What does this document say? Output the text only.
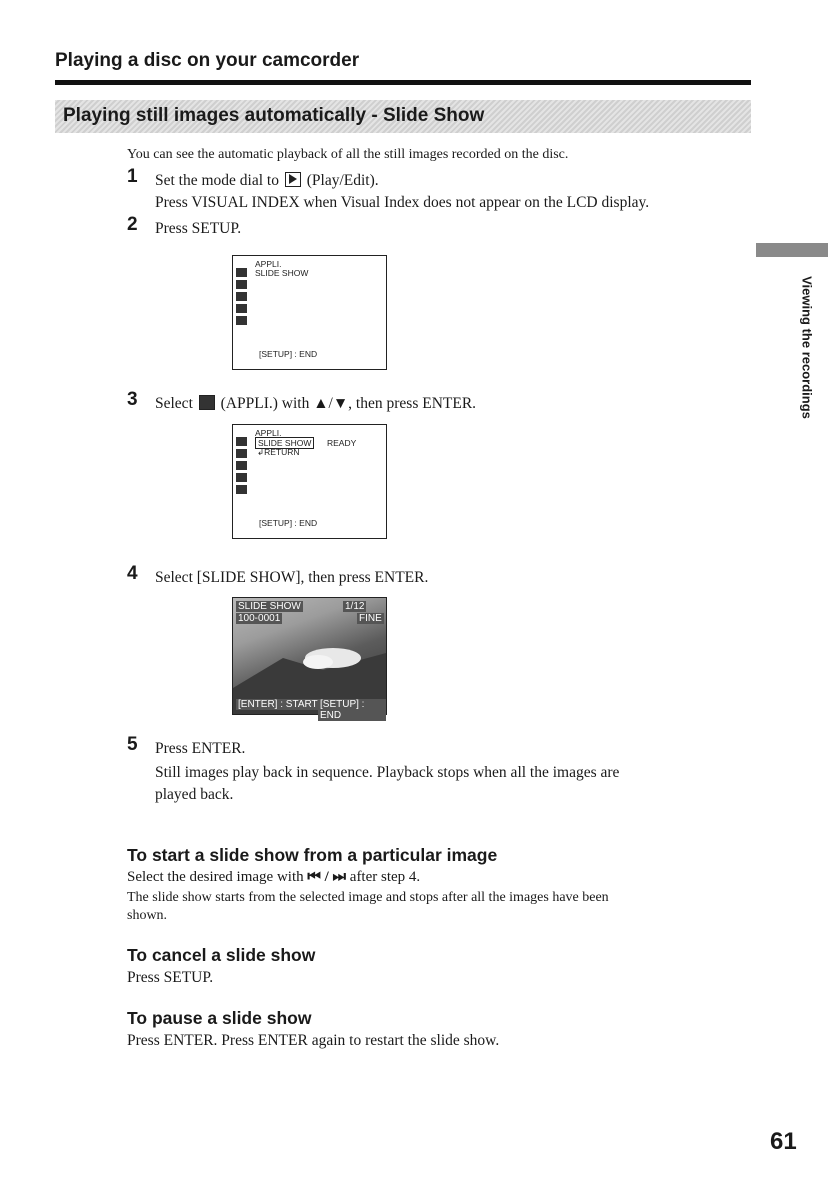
Playing a disc on your camcorder
Playing still images automatically - Slide Show
You can see the automatic playback of all the still images recorded on the disc.
1 Set the mode dial to (Play/Edit).
Press VISUAL INDEX when Visual Index does not appear on the LCD display.
2 Press SETUP.
APPLI.
SLIDE SHOW
[SETUP] : END
3 Select (APPLI.) with ▲/▼, then press ENTER.
APPLI.
SLIDE SHOW	READY
↲RETURN
[SETUP] : END
4 Select [SLIDE SHOW], then press ENTER.
SLIDE SHOW
100-0001
1/12
FINE
[ENTER] : START [SETUP] : END
5 Press ENTER.
Still images play back in sequence. Playback stops when all the images are
played back.
To start a slide show from a particular image
Select the desired image with ⏮ / ⏭ after step 4.
The slide show starts from the selected image and stops after all the images have been
shown.
To cancel a slide show
Press SETUP.
To pause a slide show
Press ENTER. Press ENTER again to restart the slide show.
Viewing the recordings
61
